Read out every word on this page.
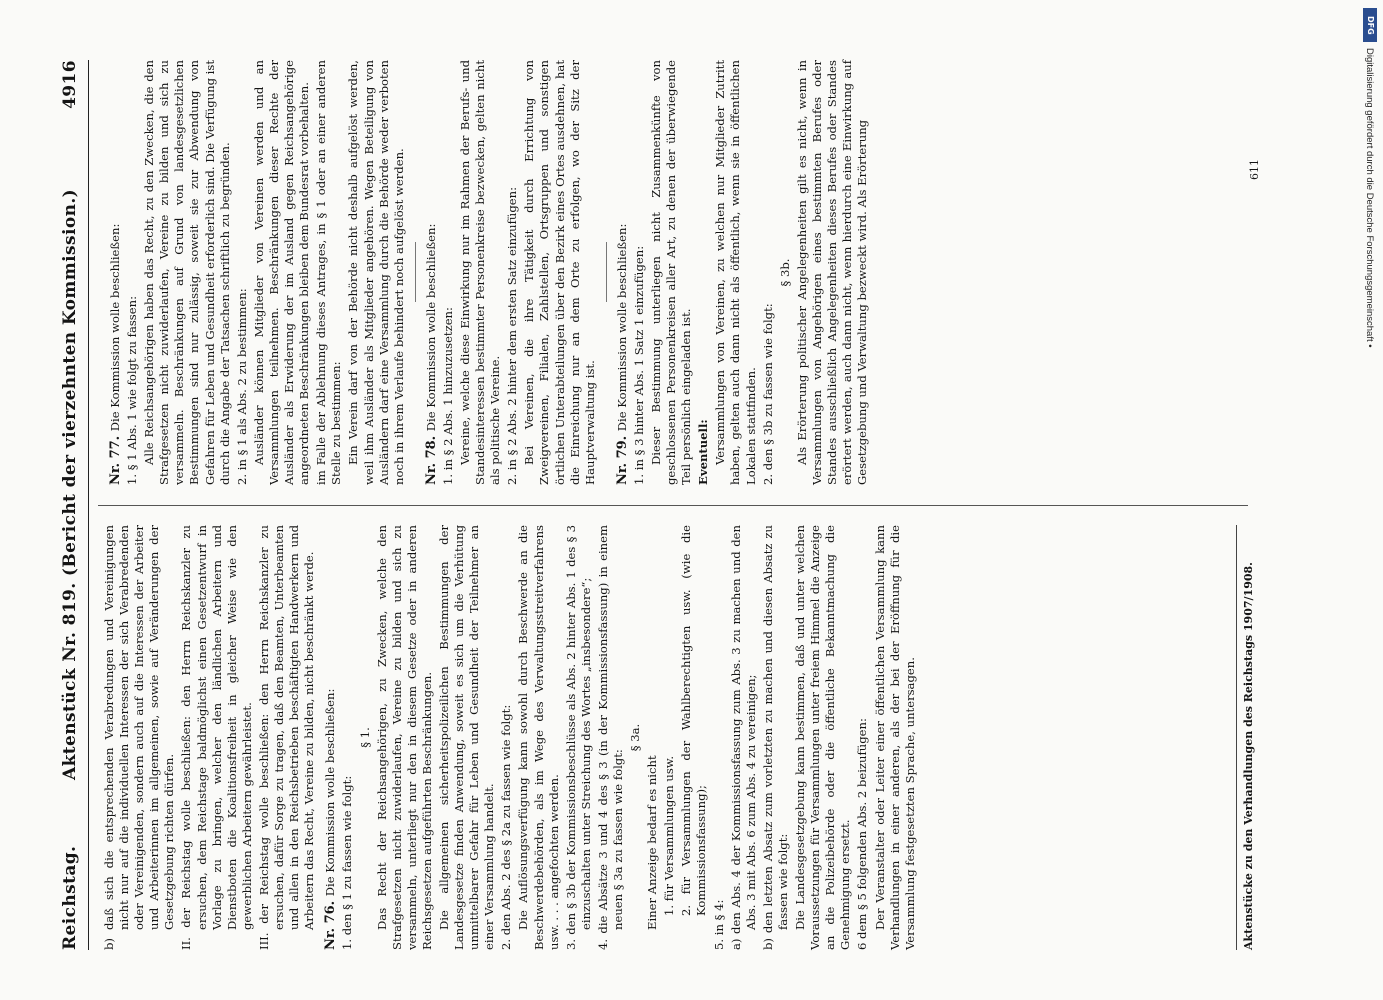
Reichstag.
Aktenstück Nr. 819. (Bericht der vierzehnten Kommission.)
4916

b) daß sich die entsprechenden Verabredungen und Vereinigungen nicht nur auf die individuellen Interessen der sich Verabredenden oder Vereinigenden, sondern auch auf die Interessen der Arbeiter und Arbeiterinnen im allgemeinen, sowie auf Veränderungen der Gesetzgebung richten dürfen. II. der Reichstag wolle beschließen: den Herrn Reichskanzler zu ersuchen, dem Reichstage baldmöglichst einen Gesetzentwurf in Vorlage zu bringen, welcher den ländlichen Arbeitern und Dienstboten die Koalitionsfreiheit in gleicher Weise wie den gewerblichen Arbeitern gewährleistet. III. der Reichstag wolle beschließen: den Herrn Reichskanzler zu ersuchen, dafür Sorge zu tragen, daß den Beamten, Unterbeamten und allen in den Reichsbetrieben beschäftigten Handwerkern und Arbeitern das Recht, Vereine zu bilden, nicht beschränkt werde. Nr. 76. Die Kommission wolle beschließen: 1. den § 1 zu fassen wie folgt:

§ 1. Das Recht der Reichsangehörigen, zu Zwecken, welche den Strafgesetzen nicht zuwiderlaufen, Vereine zu bilden und sich zu versammeln, unterliegt nur den in diesem Gesetze oder in anderen Reichsgesetzen aufgeführten Beschränkungen. Die allgemeinen sicherheitspolizeilichen Bestimmungen der Landesgesetze finden Anwendung, soweit es sich um die Verhütung unmittelbarer Gefahr für Leben und Gesundheit der Teilnehmer an einer Versammlung handelt. 2. den Abs. 2 des § 2a zu fassen wie folgt: Die Auflösungsverfügung kann sowohl durch Beschwerde an die Beschwerdebehörden, als im Wege des Verwaltungsstreitverfahrens usw. . . . angefochten werden. 3. den § 3b der Kommissionsbeschlüsse als Abs. 2 hinter Abs. 1 des § 3 einzuschalten unter Streichung des Wortes „insbesondere“; 4. die Absätze 3 und 4 des § 3 (in der Kommissionsfassung) in einem neuen § 3a zu fassen wie folgt:

§ 3a.

Einer Anzeige bedarf es nicht 1. für Versammlungen usw. 2. für Versammlungen der Wahlberechtigten usw. (wie die Kommissionsfassung);

5. in § 4: a) den Abs. 4 der Kommissionsfassung zum Abs. 3 zu machen und den Abs. 3 mit Abs. 6 zum Abs. 4 zu vereinigen; b) den letzten Absatz zum vorletzten zu machen und diesen Absatz zu fassen wie folgt: Die Landesgesetzgebung kann bestimmen, daß und unter welchen Voraussetzungen für Versammlungen unter freiem Himmel die Anzeige an die Polizeibehörde oder die öffentliche Bekanntmachung die Genehmigung ersetzt. 6 dem § 5 folgenden Abs. 2 beizufügen: Der Veranstalter oder Leiter einer öffentlichen Versammlung kann Verhandlungen in einer anderen, als der bei der Eröffnung für die Versammlung festgesetzten Sprache, untersagen.

Nr. 77. Die Kommission wolle beschließen: 1. § 1 Abs. 1 wie folgt zu fassen: Alle Reichsangehörigen haben das Recht, zu den Zwecken, die den Strafgesetzen nicht zuwiderlaufen, Vereine zu bilden und sich zu versammeln. Beschränkungen auf Grund von landesgesetzlichen Bestimmungen sind nur zulässig, soweit sie zur Abwendung von Gefahren für Leben und Gesundheit erforderlich sind. Die Verfügung ist durch die Angabe der Tatsachen schriftlich zu begründen. 2. in § 1 als Abs. 2 zu bestimmen: Ausländer können Mitglieder von Vereinen werden und an Versammlungen teilnehmen. Beschränkungen dieser Rechte der Ausländer als Erwiderung der im Ausland gegen Reichsangehörige angeordneten Beschränkungen bleiben dem Bundesrat vorbehalten. im Falle der Ablehnung dieses Antrages, in § 1 oder an einer anderen Stelle zu bestimmen: Ein Verein darf von der Behörde nicht deshalb aufgelöst werden, weil ihm Ausländer als Mitglieder angehören. Wegen Beteiligung von Ausländern darf eine Versammlung durch die Behörde weder verboten noch in ihrem Verlaufe behindert noch aufgelöst werden. Nr. 78. Die Kommission wolle beschließen: 1. in § 2 Abs. 1 hinzuzusetzen: Vereine, welche diese Einwirkung nur im Rahmen der Berufs- und Standesinteressen bestimmter Personenkreise bezwecken, gelten nicht als politische Vereine. 2. in § 2 Abs. 2 hinter dem ersten Satz einzufügen: Bei Vereinen, die ihre Tätigkeit durch Errichtung von Zweigvereinen, Filialen, Zahlstellen, Ortsgruppen und sonstigen örtlichen Unterabteilungen über den Bezirk eines Ortes ausdehnen, hat die Einreichung nur an dem Orte zu erfolgen, wo der Sitz der Hauptverwaltung ist. Nr. 79. Die Kommission wolle beschließen: 1. in § 3 hinter Abs. 1 Satz 1 einzufügen: Dieser Bestimmung unterliegen nicht Zusammenkünfte von geschlossenen Personenkreisen aller Art, zu denen der überwiegende Teil persönlich eingeladen ist. Eventuell: Versammlungen von Vereinen, zu welchen nur Mitglieder Zutritt haben, gelten auch dann nicht als öffentlich, wenn sie in öffentlichen Lokalen stattfinden. 2. den § 3b zu fassen wie folgt:

§ 3b. Als Erörterung politischer Angelegenheiten gilt es nicht, wenn in Versammlungen von Angehörigen eines bestimmten Berufes oder Standes ausschließlich Angelegenheiten dieses Berufes oder Standes erörtert werden, auch dann nicht, wenn hierdurch eine Einwirkung auf Gesetzgebung und Verwaltung bezweckt wird. Als Erörterung

Aktenstücke zu den Verhandlungen des Reichstags 1907/1908.
611
DFG
Digitalisierung gefördert durch die Deutsche Forschungsgemeinschaft •
